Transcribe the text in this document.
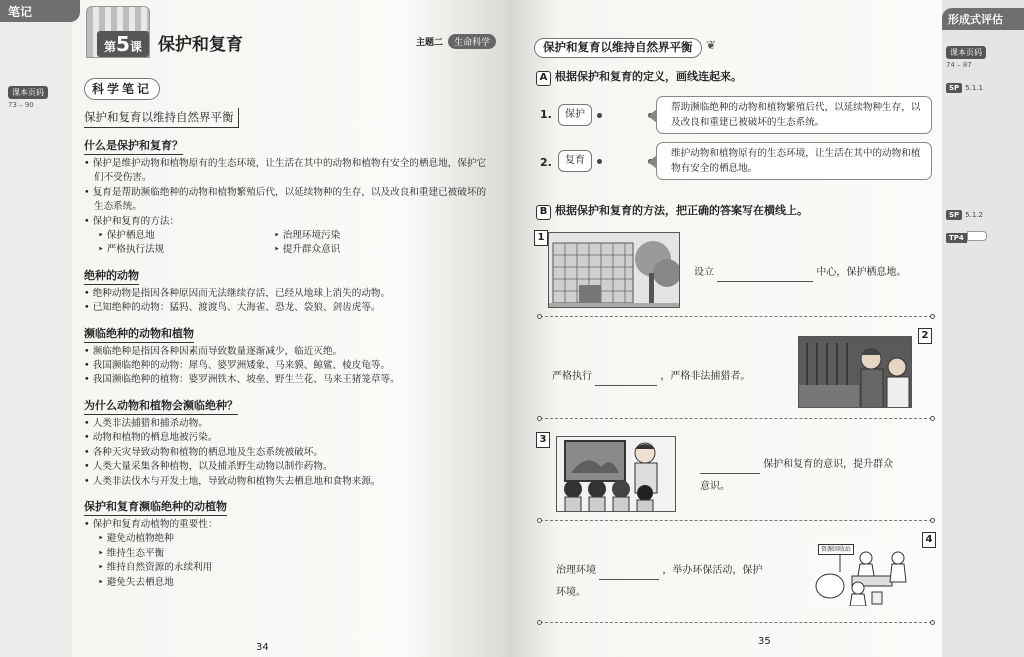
笔记
课本页码
73 – 90
第5课 保护和复育	主题二 生命科学
科学笔记
保护和复育以维持自然界平衡
什么是保护和复育？
• 保护是维护动物和植物原有的生态环境，让生活在其中的动物和植物有安全的栖息地，保护它们不受伤害。
• 复育是帮助濒临绝种的动物和植物繁殖后代，以延续物种的生存，以及改良和重建已被破坏的生态系统。
• 保护和复育的方法：
‣ 保护栖息地	‣ 治理环境污染
‣ 严格执行法规	‣ 提升群众意识
绝种的动物
• 绝种动物是指因各种原因而无法继续存活，已经从地球上消失的动物。
• 已知绝种的动物：猛犸、渡渡鸟、大海雀、恐龙、袋狼、剑齿虎等。
濒临绝种的动物和植物
• 濒临绝种是指因各种因素而导致数量逐渐减少，临近灭绝。
• 我国濒临绝种的动物：犀鸟、婆罗洲矮象、马来貘、鲸鲨、棱皮龟等。
• 我国濒临绝种的植物：婆罗洲铁木、坡垒、野生兰花、马来王猪笼草等。
为什么动物和植物会濒临绝种？
• 人类非法捕猎和捕杀动物。
• 动物和植物的栖息地被污染。
• 各种天灾导致动物和植物的栖息地及生态系统被破坏。
• 人类大量采集各种植物，以及捕杀野生动物以制作药物。
• 人类非法伐木与开发土地，导致动物和植物失去栖息地和食物来源。
保护和复育濒临绝种的动植物
• 保护和复育动植物的重要性：
‣ 避免动植物绝种
‣ 维持生态平衡
‣ 维持自然资源的永续利用
‣ 避免失去栖息地
34
形成式评估
课本页码
74 – 87
SP 5.1.1
SP 5.1.2
TP4
保护和复育以维持自然界平衡	❦
A 根据保护和复育的定义，画线连起来。
1.	保护
帮助濒临绝种的动物和植物繁殖后代，以延续物种生存，以及改良和重建已被破坏的生态系统。
2.	复育
维护动物和植物原有的生态环境，让生活在其中的动物和植物有安全的栖息地。
B 根据保护和复育的方法，把正确的答案写在横线上。
1
设立	中心，保护栖息地。
2
严格执行	，严格非法捕猎者。
3
保护和复育的意识，提升群众
意识。
4
资源回收站
治理环境	，举办环保活动，保护
环境。
35
